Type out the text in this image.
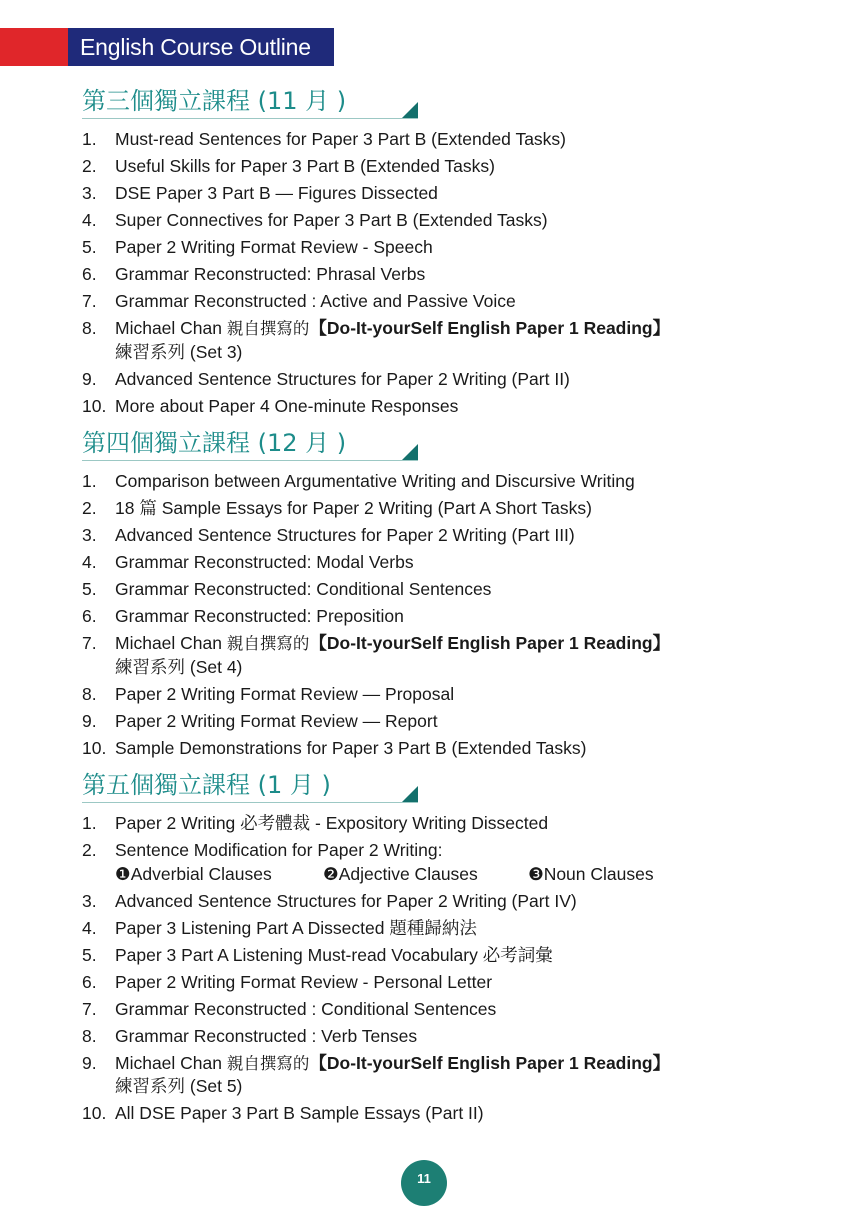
English Course Outline
第三個獨立課程 (11 月 )
1. Must-read Sentences for Paper 3 Part B (Extended Tasks)
2. Useful Skills for Paper 3 Part B (Extended Tasks)
3. DSE Paper 3 Part B — Figures Dissected
4. Super Connectives for Paper 3 Part B (Extended Tasks)
5. Paper 2 Writing Format Review - Speech
6. Grammar Reconstructed: Phrasal Verbs
7. Grammar Reconstructed : Active and Passive Voice
8. Michael Chan 親自撰寫的【Do-It-yourSelf English Paper 1 Reading】
練習系列 (Set 3)
9. Advanced Sentence Structures for Paper 2 Writing (Part II)
10. More about Paper 4 One-minute Responses
第四個獨立課程 (12 月 )
1. Comparison between Argumentative Writing and Discursive Writing
2. 18 篇 Sample Essays for Paper 2 Writing (Part A Short Tasks)
3. Advanced Sentence Structures for Paper 2 Writing (Part III)
4. Grammar Reconstructed: Modal Verbs
5. Grammar Reconstructed: Conditional Sentences
6. Grammar Reconstructed: Preposition
7. Michael Chan 親自撰寫的【Do-It-yourSelf English Paper 1 Reading】
練習系列 (Set 4)
8. Paper 2 Writing Format Review — Proposal
9. Paper 2 Writing Format Review — Report
10. Sample Demonstrations for Paper 3 Part B (Extended Tasks)
第五個獨立課程 (1 月 )
1. Paper 2 Writing 必考體裁 - Expository Writing Dissected
2. Sentence Modification for Paper 2 Writing:
❶Adverbial Clauses	❷Adjective Clauses	❸Noun Clauses
3. Advanced Sentence Structures for Paper 2 Writing (Part IV)
4. Paper 3 Listening Part A Dissected 題種歸納法
5. Paper 3 Part A Listening Must-read Vocabulary 必考詞彙
6. Paper 2 Writing Format Review - Personal Letter
7. Grammar Reconstructed : Conditional Sentences
8. Grammar Reconstructed : Verb Tenses
9. Michael Chan 親自撰寫的【Do-It-yourSelf English Paper 1 Reading】
練習系列 (Set 5)
10. All DSE Paper 3 Part B Sample Essays (Part II)
11
